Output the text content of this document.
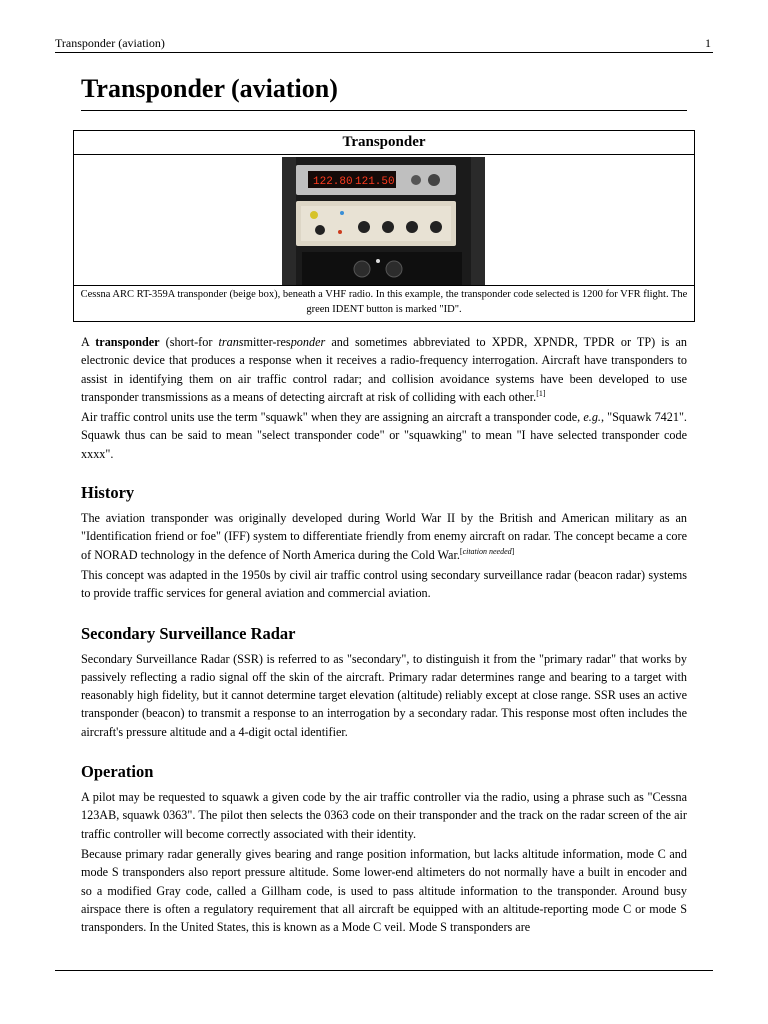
Transponder (aviation)	1
Transponder (aviation)
Transponder
122.80 121.50
Cessna ARC RT-359A transponder (beige box), beneath a VHF radio. In this example, the transponder code selected is 1200 for VFR flight. The green IDENT button is marked "ID".

A transponder (short-for transmitter-responder and sometimes abbreviated to XPDR, XPNDR, TPDR or TP) is an electronic device that produces a response when it receives a radio-frequency interrogation. Aircraft have transponders to assist in identifying them on air traffic control radar; and collision avoidance systems have been developed to use transponder transmissions as a means of detecting aircraft at risk of colliding with each other.[1]

Air traffic control units use the term "squawk" when they are assigning an aircraft a transponder code, e.g., "Squawk 7421". Squawk thus can be said to mean "select transponder code" or "squawking" to mean "I have selected transponder code xxxx".

History

The aviation transponder was originally developed during World War II by the British and American military as an "Identification friend or foe" (IFF) system to differentiate friendly from enemy aircraft on radar. The concept became a core of NORAD technology in the defence of North America during the Cold War.[citation needed]

This concept was adapted in the 1950s by civil air traffic control using secondary surveillance radar (beacon radar) systems to provide traffic services for general aviation and commercial aviation.

Secondary Surveillance Radar

Secondary Surveillance Radar (SSR) is referred to as "secondary", to distinguish it from the "primary radar" that works by passively reflecting a radio signal off the skin of the aircraft. Primary radar determines range and bearing to a target with reasonably high fidelity, but it cannot determine target elevation (altitude) reliably except at close range. SSR uses an active transponder (beacon) to transmit a response to an interrogation by a secondary radar. This response most often includes the aircraft's pressure altitude and a 4-digit octal identifier.

Operation

A pilot may be requested to squawk a given code by the air traffic controller via the radio, using a phrase such as "Cessna 123AB, squawk 0363". The pilot then selects the 0363 code on their transponder and the track on the radar screen of the air traffic controller will become correctly associated with their identity.

Because primary radar generally gives bearing and range position information, but lacks altitude information, mode C and mode S transponders also report pressure altitude. Some lower-end altimeters do not normally have a built in encoder and so a modified Gray code, called a Gillham code, is used to pass altitude information to the transponder. Around busy airspace there is often a regulatory requirement that all aircraft be equipped with an altitude-reporting mode C or mode S transponders. In the United States, this is known as a Mode C veil. Mode S transponders are
